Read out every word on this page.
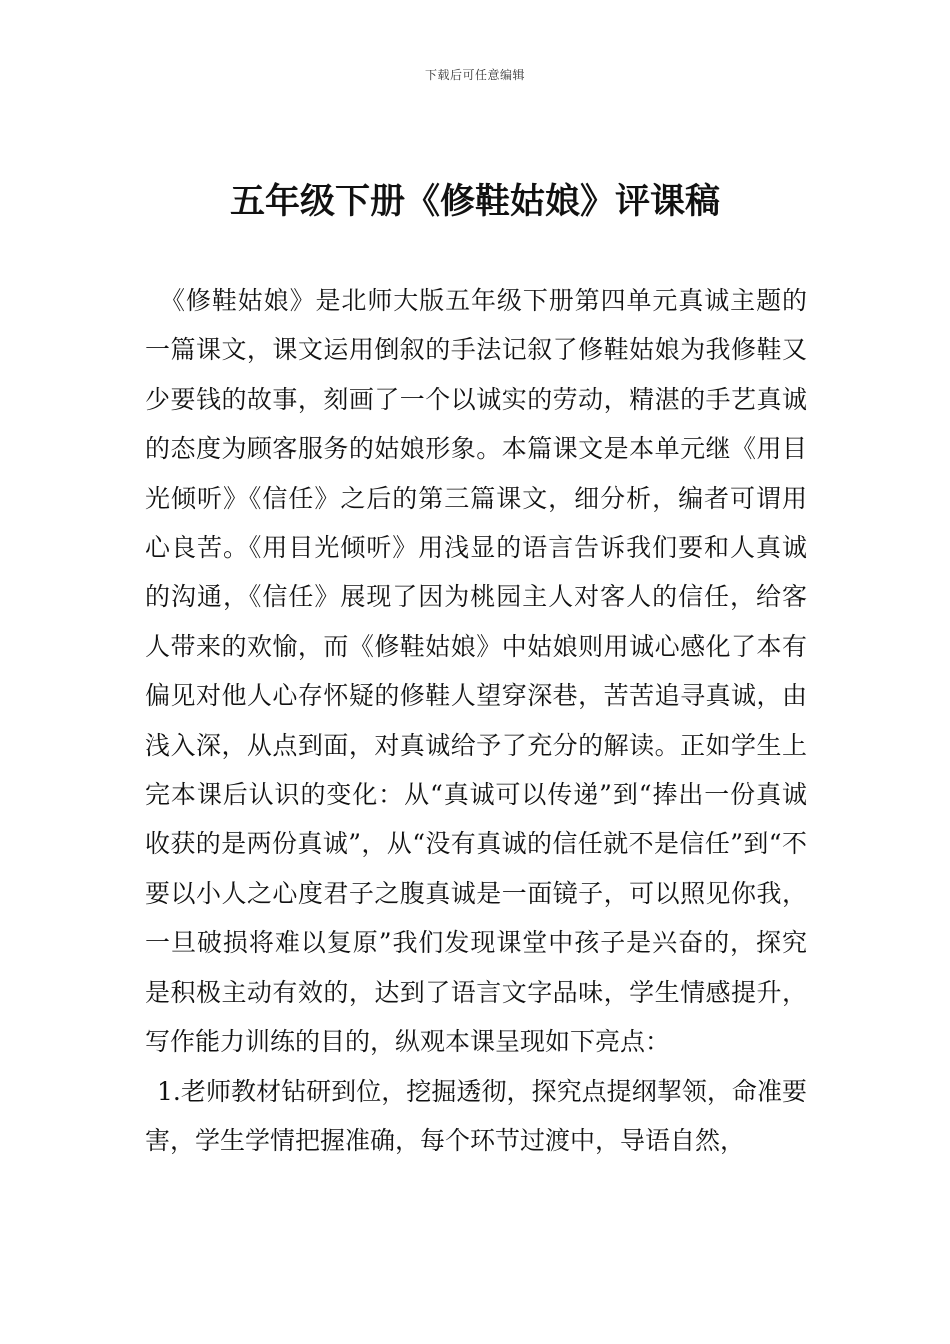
下载后可任意编辑
五年级下册《修鞋姑娘》评课稿

《修鞋姑娘》是北师大版五年级下册第四单元真诚主题的一篇课文，课文运用倒叙的手法记叙了修鞋姑娘为我修鞋又少要钱的故事，刻画了一个以诚实的劳动，精湛的手艺真诚的态度为顾客服务的姑娘形象。本篇课文是本单元继《用目光倾听》《信任》之后的第三篇课文，细分析，编者可谓用心良苦。《用目光倾听》用浅显的语言告诉我们要和人真诚的沟通，《信任》展现了因为桃园主人对客人的信任，给客人带来的欢愉，而《修鞋姑娘》中姑娘则用诚心感化了本有偏见对他人心存怀疑的修鞋人望穿深巷，苦苦追寻真诚，由浅入深，从点到面，对真诚给予了充分的解读。正如学生上完本课后认识的变化：从“真诚可以传递”到“捧出一份真诚收获的是两份真诚”，从“没有真诚的信任就不是信任”到“不要以小人之心度君子之腹真诚是一面镜子，可以照见你我，一旦破损将难以复原”我们发现课堂中孩子是兴奋的，探究是积极主动有效的，达到了语言文字品味，学生情感提升，写作能力训练的目的，纵观本课呈现如下亮点：

1.老师教材钻研到位，挖掘透彻，探究点提纲挈领，命准要害，学生学情把握准确，每个环节过渡中，导语自然，
